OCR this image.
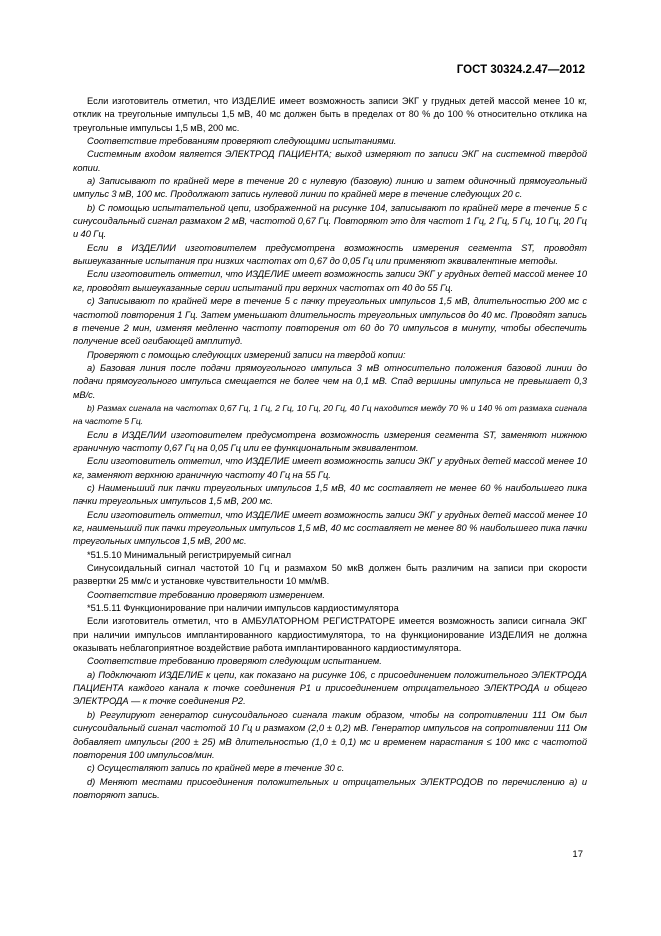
ГОСТ 30324.2.47—2012

Если изготовитель отметил, что ИЗДЕЛИЕ имеет возможность записи ЭКГ у грудных детей массой менее 10 кг, отклик на треугольные импульсы 1,5 мВ, 40 мс должен быть в пределах от 80 % до 100 % относительно отклика на треугольные импульсы 1,5 мВ, 200 мс.

Соответствие требованиям проверяют следующими испытаниями.

Системным входом является ЭЛЕКТРОД ПАЦИЕНТА; выход измеряют по записи ЭКГ на системной твердой копии.

a) Записывают по крайней мере в течение 20 с нулевую (базовую) линию и затем одиночный прямоугольный импульс 3 мВ, 100 мс. Продолжают запись нулевой линии по крайней мере в течение следующих 20 с.

b) С помощью испытательной цепи, изображенной на рисунке 104, записывают по крайней мере в течение 5 с синусоидальный сигнал размахом 2 мВ, частотой 0,67 Гц. Повторяют это для частот 1 Гц, 2 Гц, 5 Гц, 10 Гц, 20 Гц и 40 Гц.

Если в ИЗДЕЛИИ изготовителем предусмотрена возможность измерения сегмента ST, проводят вышеуказанные испытания при низких частотах от 0,67 до 0,05 Гц или применяют эквивалентные методы.

Если изготовитель отметил, что ИЗДЕЛИЕ имеет возможность записи ЭКГ у грудных детей массой менее 10 кг, проводят вышеуказанные серии испытаний при верхних частотах от 40 до 55 Гц.

c) Записывают по крайней мере в течение 5 с пачку треугольных импульсов 1,5 мВ, длительностью 200 мс с частотой повторения 1 Гц. Затем уменьшают длительность треугольных импульсов до 40 мс. Проводят запись в течение 2 мин, изменяя медленно частоту повторения от 60 до 70 импульсов в минуту, чтобы обеспечить получение всей огибающей амплитуд.

Проверяют с помощью следующих измерений записи на твердой копии:

a) Базовая линия после подачи прямоугольного импульса 3 мВ относительно положения базовой линии до подачи прямоугольного импульса смещается не более чем на 0,1 мВ. Спад вершины импульса не превышает 0,3 мВ/с.

b) Размах сигнала на частотах 0,67 Гц, 1 Гц, 2 Гц, 10 Гц, 20 Гц, 40 Гц находится между 70 % и 140 % от размаха сигнала на частоте 5 Гц.

Если в ИЗДЕЛИИ изготовителем предусмотрена возможность измерения сегмента ST, заменяют нижнюю граничную частоту 0,67 Гц на 0,05 Гц или ее функциональным эквивалентом.

Если изготовитель отметил, что ИЗДЕЛИЕ имеет возможность записи ЭКГ у грудных детей массой менее 10 кг, заменяют верхнюю граничную частоту 40 Гц на 55 Гц.

c) Наименьший пик пачки треугольных импульсов 1,5 мВ, 40 мс составляет не менее 60 % наибольшего пика пачки треугольных импульсов 1,5 мВ, 200 мс.

Если изготовитель отметил, что ИЗДЕЛИЕ имеет возможность записи ЭКГ у грудных детей массой менее 10 кг, наименьший пик пачки треугольных импульсов 1,5 мВ, 40 мс составляет не менее 80 % наибольшего пика пачки треугольных импульсов 1,5 мВ, 200 мс.

*51.5.10 Минимальный регистрируемый сигнал

Синусоидальный сигнал частотой 10 Гц и размахом 50 мкВ должен быть различим на записи при скорости развертки 25 мм/с и установке чувствительности 10 мм/мВ.

Соответствие требованию проверяют измерением.

*51.5.11 Функционирование при наличии импульсов кардиостимулятора

Если изготовитель отметил, что в АМБУЛАТОРНОМ РЕГИСТРАТОРЕ имеется возможность записи сигнала ЭКГ при наличии импульсов имплантированного кардиостимулятора, то на функционирование ИЗДЕЛИЯ не должна оказывать неблагоприятное воздействие работа имплантированного кардиостимулятора.

Соответствие требованию проверяют следующим испытанием.

a) Подключают ИЗДЕЛИЕ к цепи, как показано на рисунке 106, с присоединением положительного ЭЛЕКТРОДА ПАЦИЕНТА каждого канала к точке соединения Р1 и присоединением отрицательного ЭЛЕКТРОДА и общего ЭЛЕКТРОДА — к точке соединения Р2.

b) Регулируют генератор синусоидального сигнала таким образом, чтобы на сопротивлении 111 Ом был синусоидальный сигнал частотой 10 Гц и размахом (2,0 ± 0,2) мВ. Генератор импульсов на сопротивлении 111 Ом добавляет импульсы (200 ± 25) мВ длительностью (1,0 ± 0,1) мс и временем нарастания ≤ 100 мкс с частотой повторения 100 импульсов/мин.

c) Осуществляют запись по крайней мере в течение 30 с.

d) Меняют местами присоединения положительных и отрицательных ЭЛЕКТРОДОВ по перечислению a) и повторяют запись.

17
